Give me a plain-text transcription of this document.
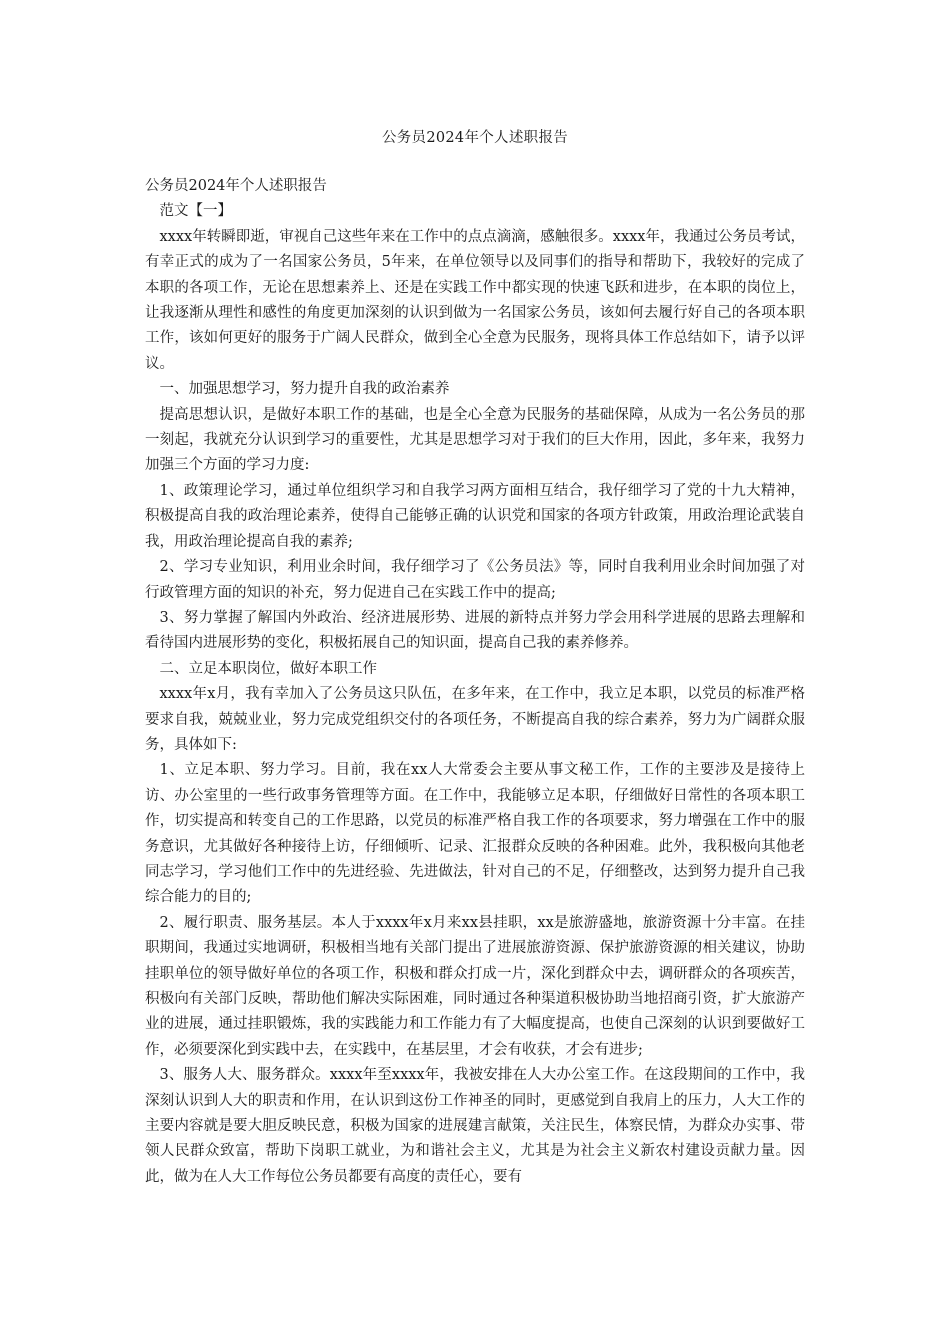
公务员2024年个人述职报告

公务员2024年个人述职报告

范文【一】

xxxx年转瞬即逝，审视自己这些年来在工作中的点点滴滴，感触很多。xxxx年，我通过公务员考试，有幸正式的成为了一名国家公务员，5年来，在单位领导以及同事们的指导和帮助下，我较好的完成了本职的各项工作，无论在思想素养上、还是在实践工作中都实现的快速飞跃和进步，在本职的岗位上，让我逐渐从理性和感性的角度更加深刻的认识到做为一名国家公务员，该如何去履行好自己的各项本职工作，该如何更好的服务于广阔人民群众，做到全心全意为民服务，现将具体工作总结如下，请予以评议。

一、加强思想学习，努力提升自我的政治素养

提高思想认识，是做好本职工作的基础，也是全心全意为民服务的基础保障，从成为一名公务员的那一刻起，我就充分认识到学习的重要性，尤其是思想学习对于我们的巨大作用，因此，多年来，我努力加强三个方面的学习力度:

1、政策理论学习，通过单位组织学习和自我学习两方面相互结合，我仔细学习了党的十九大精神，积极提高自我的政治理论素养，使得自己能够正确的认识党和国家的各项方针政策，用政治理论武装自我，用政治理论提高自我的素养;

2、学习专业知识，利用业余时间，我仔细学习了《公务员法》等，同时自我利用业余时间加强了对行政管理方面的知识的补充，努力促进自己在实践工作中的提高;

3、努力掌握了解国内外政治、经济进展形势、进展的新特点并努力学会用科学进展的思路去理解和看待国内进展形势的变化，积极拓展自己的知识面，提高自己我的素养修养。

二、立足本职岗位，做好本职工作

xxxx年x月，我有幸加入了公务员这只队伍，在多年来，在工作中，我立足本职，以党员的标准严格要求自我，兢兢业业，努力完成党组织交付的各项任务，不断提高自我的综合素养，努力为广阔群众服务，具体如下:

1、立足本职、努力学习。目前，我在xx人大常委会主要从事文秘工作，工作的主要涉及是接待上访、办公室里的一些行政事务管理等方面。在工作中，我能够立足本职，仔细做好日常性的各项本职工作，切实提高和转变自己的工作思路，以党员的标准严格自我工作的各项要求，努力增强在工作中的服务意识，尤其做好各种接待上访，仔细倾听、记录、汇报群众反映的各种困难。此外，我积极向其他老同志学习，学习他们工作中的先进经验、先进做法，针对自己的不足，仔细整改，达到努力提升自己我综合能力的目的;

2、履行职责、服务基层。本人于xxxx年x月来xx县挂职，xx是旅游盛地，旅游资源十分丰富。在挂职期间，我通过实地调研，积极相当地有关部门提出了进展旅游资源、保护旅游资源的相关建议，协助挂职单位的领导做好单位的各项工作，积极和群众打成一片，深化到群众中去，调研群众的各项疾苦，积极向有关部门反映，帮助他们解决实际困难，同时通过各种渠道积极协助当地招商引资，扩大旅游产业的进展，通过挂职锻炼，我的实践能力和工作能力有了大幅度提高，也使自己深刻的认识到要做好工作，必须要深化到实践中去，在实践中，在基层里，才会有收获，才会有进步;

3、服务人大、服务群众。xxxx年至xxxx年，我被安排在人大办公室工作。在这段期间的工作中，我深刻认识到人大的职责和作用，在认识到这份工作神圣的同时，更感觉到自我肩上的压力，人大工作的主要内容就是要大胆反映民意，积极为国家的进展建言献策，关注民生，体察民情，为群众办实事、带领人民群众致富，帮助下岗职工就业，为和谐社会主义，尤其是为社会主义新农村建设贡献力量。因此，做为在人大工作每位公务员都要有高度的责任心，要有
